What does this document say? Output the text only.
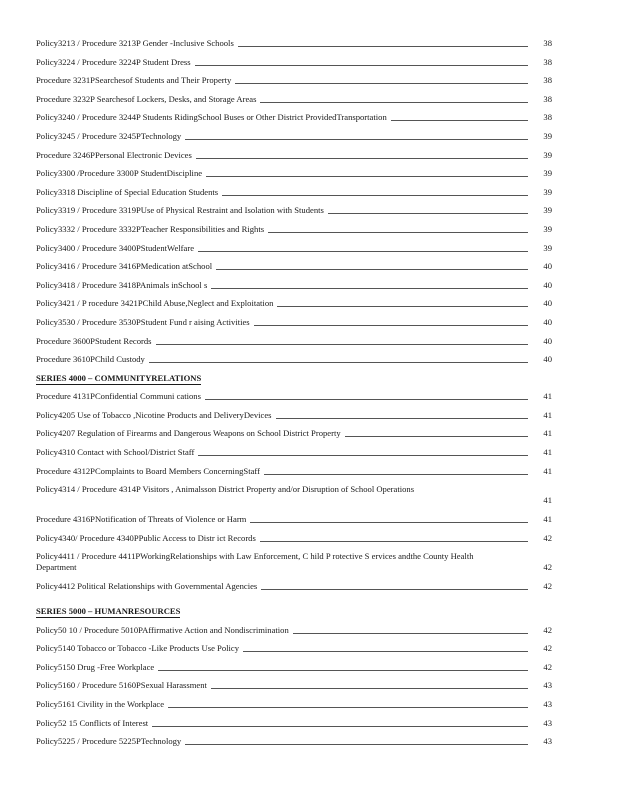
Policy3213 / Procedure 3213P Gender -Inclusive Schools	38
Policy3224 / Procedure 3224P Student Dress	38
Procedure 3231PSearchesof Students and Their Property	38
Procedure 3232P Searchesof Lockers, Desks, and Storage Areas	38
Policy3240 / Procedure 3244P Students RidingSchool Buses or Other District ProvidedTransportation	38
Policy3245 / Procedure 3245PTechnology	39
Procedure 3246PPersonal Electronic Devices	39
Policy3300 /Procedure 3300P StudentDiscipline	39
Policy3318 Discipline of Special Education Students	39
Policy3319 / Procedure 3319PUse of Physical Restraint and Isolation with Students	39
Policy3332 / Procedure 3332PTeacher Responsibilities and Rights	39
Policy3400 / Procedure 3400PStudentWelfare	39
Policy3416 / Procedure 3416PMedication atSchool	40
Policy3418 / Procedure 3418PAnimals inSchool s	40
Policy3421 / P rocedure 3421PChild Abuse,Neglect and Exploitation	40
Policy3530 / Procedure 3530PStudent Fund r aising Activities	40
Procedure 3600PStudent Records	40
Procedure 3610PChild Custody	40
SERIES 4000 – COMMUNITYRELATIONS
Procedure 4131PConfidential Communi cations	41
Policy4205 Use of Tobacco ,Nicotine Products and DeliveryDevices	41
Policy4207 Regulation of Firearms and Dangerous Weapons on School District Property	41
Policy4310 Contact with School/District Staff	41
Procedure 4312PComplaints to Board Members ConcerningStaff	41
Policy4314 / Procedure 4314P Visitors , Animalsson District Property and/or Disruption of School Operations
41
Procedure 4316PNotification of Threats of Violence or Harm	41
Policy4340/ Procedure 4340PPublic Access to Distr ict Records	42
Policy4411 / Procedure 4411PWorkingRelationships with Law Enforcement, C hild P rotective S ervices andthe County Health Department	42
Policy4412 Political Relationships with Governmental Agencies	42
SERIES 5000 – HUMANRESOURCES
Policy50 10 / Procedure 5010PAffirmative Action and Nondiscrimination	42
Policy5140 Tobacco or Tobacco -Like Products Use Policy	42
Policy5150 Drug -Free Workplace	42
Policy5160 / Procedure 5160PSexual Harassment	43
Policy5161 Civility in the Workplace	43
Policy52 15 Conflicts of Interest	43
Policy5225 / Procedure 5225PTechnology	43
